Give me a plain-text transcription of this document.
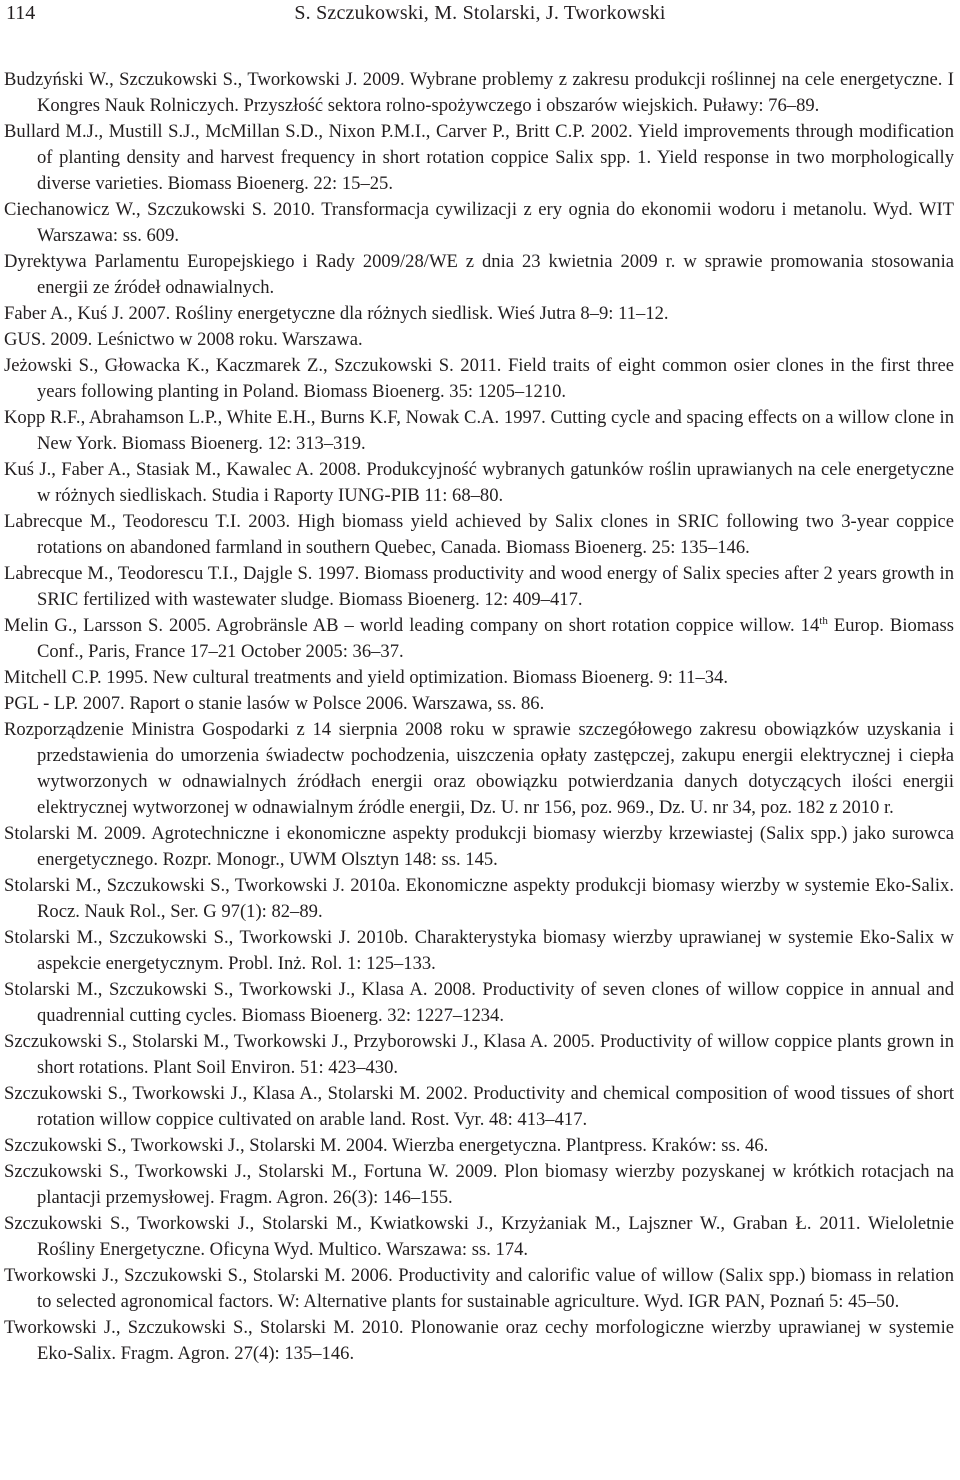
114	S. Szczukowski, M. Stolarski, J. Tworkowski
Budzyński W., Szczukowski S., Tworkowski J. 2009. Wybrane problemy z zakresu produkcji roślinnej na cele energetyczne. I Kongres Nauk Rolniczych. Przyszłość sektora rolno-spożywczego i obszarów wiejskich. Puławy: 76–89.
Bullard M.J., Mustill S.J., McMillan S.D., Nixon P.M.I., Carver P., Britt C.P. 2002. Yield improvements through modification of planting density and harvest frequency in short rotation coppice Salix spp. 1. Yield response in two morphologically diverse varieties. Biomass Bioenerg. 22: 15–25.
Ciechanowicz W., Szczukowski S. 2010. Transformacja cywilizacji z ery ognia do ekonomii wodoru i metanolu. Wyd. WIT Warszawa: ss. 609.
Dyrektywa Parlamentu Europejskiego i Rady 2009/28/WE z dnia 23 kwietnia 2009 r. w sprawie promowania stosowania energii ze źródeł odnawialnych.
Faber A., Kuś J. 2007. Rośliny energetyczne dla różnych siedlisk. Wieś Jutra 8–9: 11–12.
GUS. 2009. Leśnictwo w 2008 roku. Warszawa.
Jeżowski S., Głowacka K., Kaczmarek Z., Szczukowski S. 2011. Field traits of eight common osier clones in the first three years following planting in Poland. Biomass Bioenerg. 35: 1205–1210.
Kopp R.F., Abrahamson L.P., White E.H., Burns K.F, Nowak C.A. 1997. Cutting cycle and spacing effects on a willow clone in New York. Biomass Bioenerg. 12: 313–319.
Kuś J., Faber A., Stasiak M., Kawalec A. 2008. Produkcyjność wybranych gatunków roślin uprawianych na cele energetyczne w różnych siedliskach. Studia i Raporty IUNG-PIB 11: 68–80.
Labrecque M., Teodorescu T.I. 2003. High biomass yield achieved by Salix clones in SRIC following two 3-year coppice rotations on abandoned farmland in southern Quebec, Canada. Biomass Bioenerg. 25: 135–146.
Labrecque M., Teodorescu T.I., Dajgle S. 1997. Biomass productivity and wood energy of Salix species after 2 years growth in SRIC fertilized with wastewater sludge. Biomass Bioenerg. 12: 409–417.
Melin G., Larsson S. 2005. Agrobränsle AB – world leading company on short rotation coppice willow. 14th Europ. Biomass Conf., Paris, France 17–21 October 2005: 36–37.
Mitchell C.P. 1995. New cultural treatments and yield optimization. Biomass Bioenerg. 9: 11–34.
PGL - LP. 2007. Raport o stanie lasów w Polsce 2006. Warszawa, ss. 86.
Rozporządzenie Ministra Gospodarki z 14 sierpnia 2008 roku w sprawie szczegółowego zakresu obowiązków uzyskania i przedstawienia do umorzenia świadectw pochodzenia, uiszczenia opłaty zastępczej, zakupu energii elektrycznej i ciepła wytworzonych w odnawialnych źródłach energii oraz obowiązku potwierdzania danych dotyczących ilości energii elektrycznej wytworzonej w odnawialnym źródle energii, Dz. U. nr 156, poz. 969., Dz. U. nr 34, poz. 182 z 2010 r.
Stolarski M. 2009. Agrotechniczne i ekonomiczne aspekty produkcji biomasy wierzby krzewiastej (Salix spp.) jako surowca energetycznego. Rozpr. Monogr., UWM Olsztyn 148: ss. 145.
Stolarski M., Szczukowski S., Tworkowski J. 2010a. Ekonomiczne aspekty produkcji biomasy wierzby w systemie Eko-Salix. Rocz. Nauk Rol., Ser. G 97(1): 82–89.
Stolarski M., Szczukowski S., Tworkowski J. 2010b. Charakterystyka biomasy wierzby uprawianej w systemie Eko-Salix w aspekcie energetycznym. Probl. Inż. Rol. 1: 125–133.
Stolarski M., Szczukowski S., Tworkowski J., Klasa A. 2008. Productivity of seven clones of willow coppice in annual and quadrennial cutting cycles. Biomass Bioenerg. 32: 1227–1234.
Szczukowski S., Stolarski M., Tworkowski J., Przyborowski J., Klasa A. 2005. Productivity of willow coppice plants grown in short rotations. Plant Soil Environ. 51: 423–430.
Szczukowski S., Tworkowski J., Klasa A., Stolarski M. 2002. Productivity and chemical composition of wood tissues of short rotation willow coppice cultivated on arable land. Rost. Vyr. 48: 413–417.
Szczukowski S., Tworkowski J., Stolarski M. 2004. Wierzba energetyczna. Plantpress. Kraków: ss. 46.
Szczukowski S., Tworkowski J., Stolarski M., Fortuna W. 2009. Plon biomasy wierzby pozyskanej w krótkich rotacjach na plantacji przemysłowej. Fragm. Agron. 26(3): 146–155.
Szczukowski S., Tworkowski J., Stolarski M., Kwiatkowski J., Krzyżaniak M., Lajszner W., Graban Ł. 2011. Wieloletnie Rośliny Energetyczne. Oficyna Wyd. Multico. Warszawa: ss. 174.
Tworkowski J., Szczukowski S., Stolarski M. 2006. Productivity and calorific value of willow (Salix spp.) biomass in relation to selected agronomical factors. W: Alternative plants for sustainable agriculture. Wyd. IGR PAN, Poznań 5: 45–50.
Tworkowski J., Szczukowski S., Stolarski M. 2010. Plonowanie oraz cechy morfologiczne wierzby uprawianej w systemie Eko-Salix. Fragm. Agron. 27(4): 135–146.
